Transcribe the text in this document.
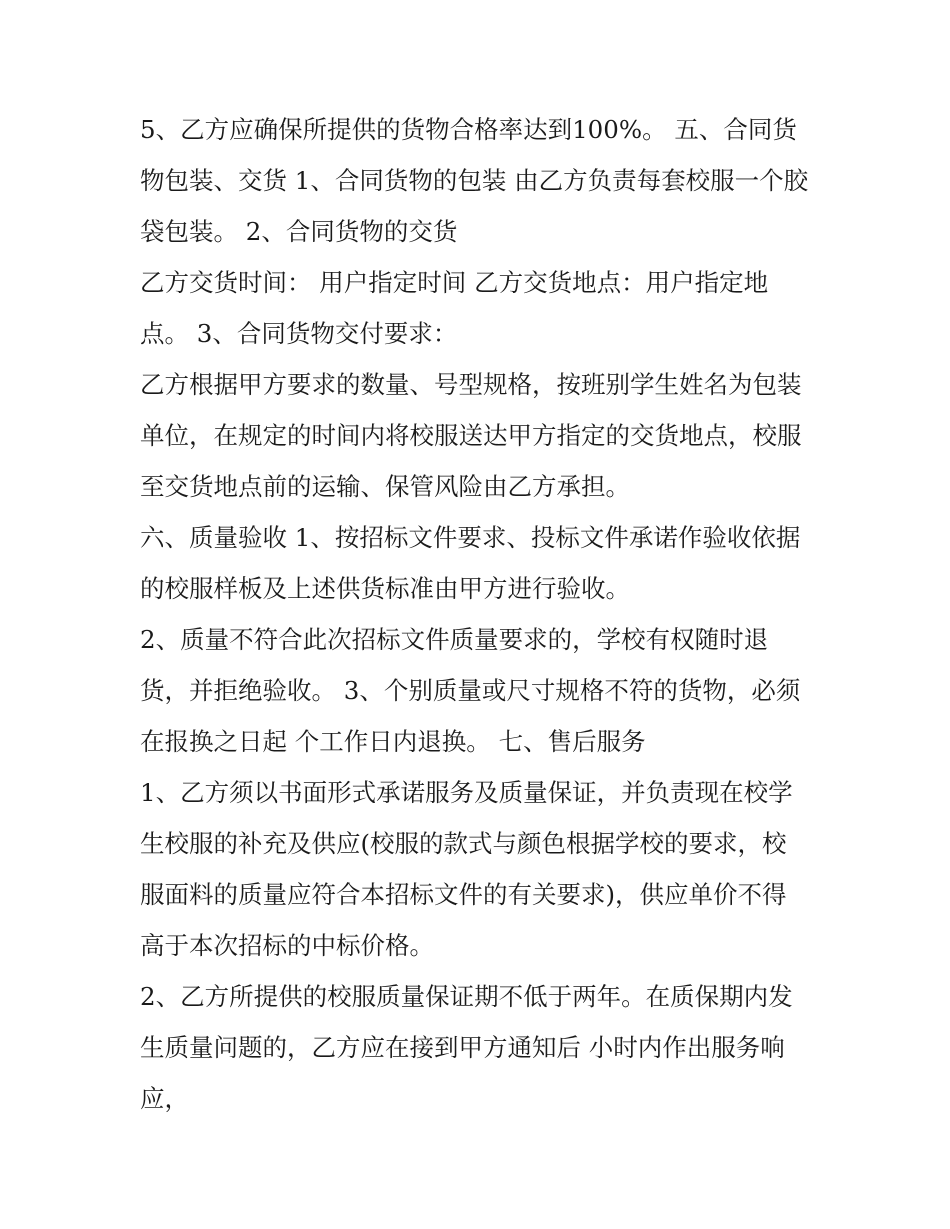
5、乙方应确保所提供的货物合格率达到100%。 五、合同货
物包装、交货 1、合同货物的包装 由乙方负责每套校服一个胶
袋包装。 2、合同货物的交货
乙方交货时间： 用户指定时间 乙方交货地点：用户指定地
点。 3、合同货物交付要求：
乙方根据甲方要求的数量、号型规格，按班别学生姓名为包装
单位，在规定的时间内将校服送达甲方指定的交货地点，校服
至交货地点前的运输、保管风险由乙方承担。
六、质量验收 1、按招标文件要求、投标文件承诺作验收依据
的校服样板及上述供货标准由甲方进行验收。
2、质量不符合此次招标文件质量要求的，学校有权随时退
货，并拒绝验收。 3、个别质量或尺寸规格不符的货物，必须
在报换之日起 个工作日内退换。 七、售后服务
1、乙方须以书面形式承诺服务及质量保证，并负责现在校学
生校服的补充及供应(校服的款式与颜色根据学校的要求，校
服面料的质量应符合本招标文件的有关要求)，供应单价不得
高于本次招标的中标价格。
2、乙方所提供的校服质量保证期不低于两年。在质保期内发
生质量问题的，乙方应在接到甲方通知后 小时内作出服务响
应，
